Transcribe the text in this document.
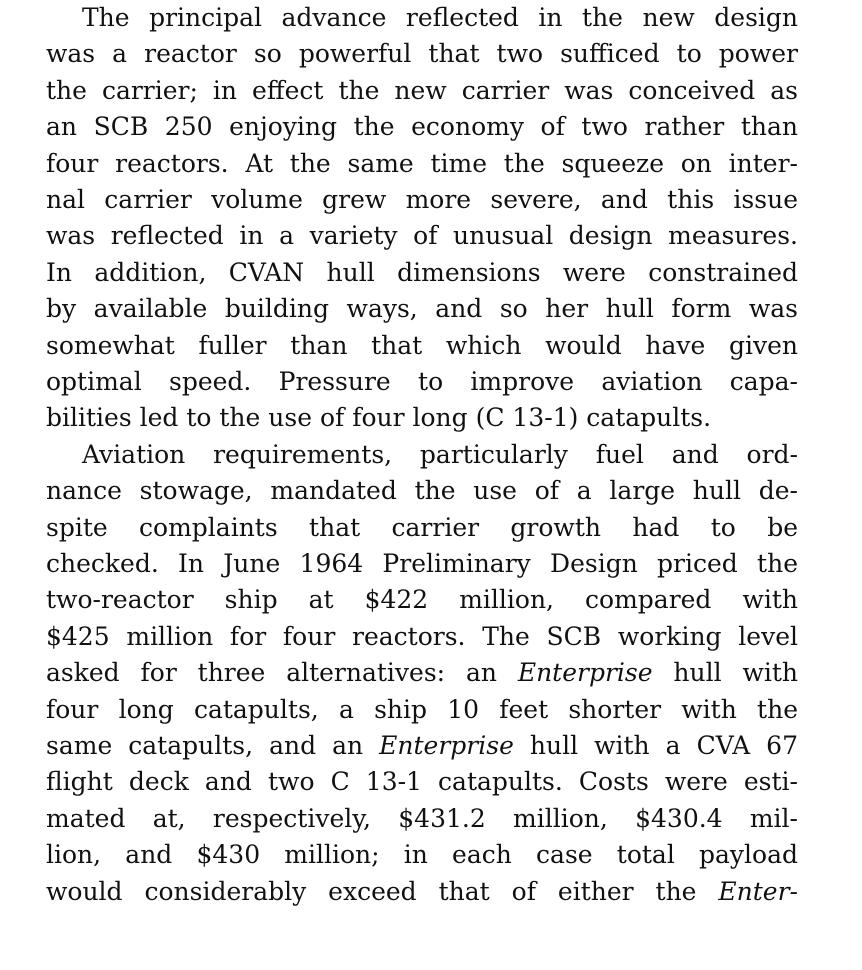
The principal advance reflected in the new design
was a reactor so powerful that two sufficed to power
the carrier; in effect the new carrier was conceived as
an SCB 250 enjoying the economy of two rather than
four reactors. At the same time the squeeze on inter-
nal carrier volume grew more severe, and this issue
was reflected in a variety of unusual design measures.
In addition, CVAN hull dimensions were constrained
by available building ways, and so her hull form was
somewhat fuller than that which would have given
optimal speed. Pressure to improve aviation capa-
bilities led to the use of four long (C 13-1) catapults.
Aviation requirements, particularly fuel and ord-
nance stowage, mandated the use of a large hull de-
spite complaints that carrier growth had to be
checked. In June 1964 Preliminary Design priced the
two-reactor ship at $422 million, compared with
$425 million for four reactors. The SCB working level
asked for three alternatives: an Enterprise hull with
four long catapults, a ship 10 feet shorter with the
same catapults, and an Enterprise hull with a CVA 67
flight deck and two C 13-1 catapults. Costs were esti-
mated at, respectively, $431.2 million, $430.4 mil-
lion, and $430 million; in each case total payload
would considerably exceed that of either the Enter-
